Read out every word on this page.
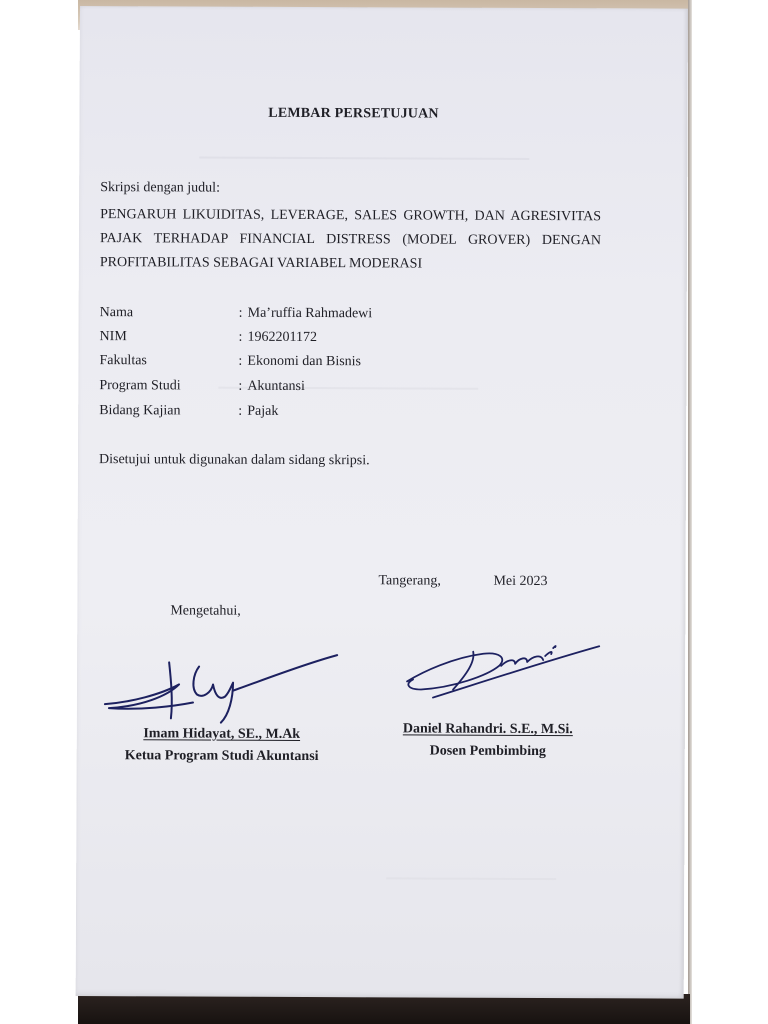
LEMBAR PERSETUJUAN
Skripsi dengan judul:
PENGARUH LIKUIDITAS, LEVERAGE, SALES GROWTH, DAN AGRESIVITAS PAJAK TERHADAP FINANCIAL DISTRESS (MODEL GROVER) DENGAN PROFITABILITAS SEBAGAI VARIABEL MODERASI
Nama	: Ma’ruffia Rahmadewi
NIM	: 1962201172
Fakultas	: Ekonomi dan Bisnis
Program Studi	: Akuntansi
Bidang Kajian	: Pajak
Disetujui untuk digunakan dalam sidang skripsi.
Tangerang,	Mei 2023
Mengetahui,
Imam Hidayat, SE., M.Ak
Ketua Program Studi Akuntansi
Daniel Rahandri. S.E., M.Si.
Dosen Pembimbing
